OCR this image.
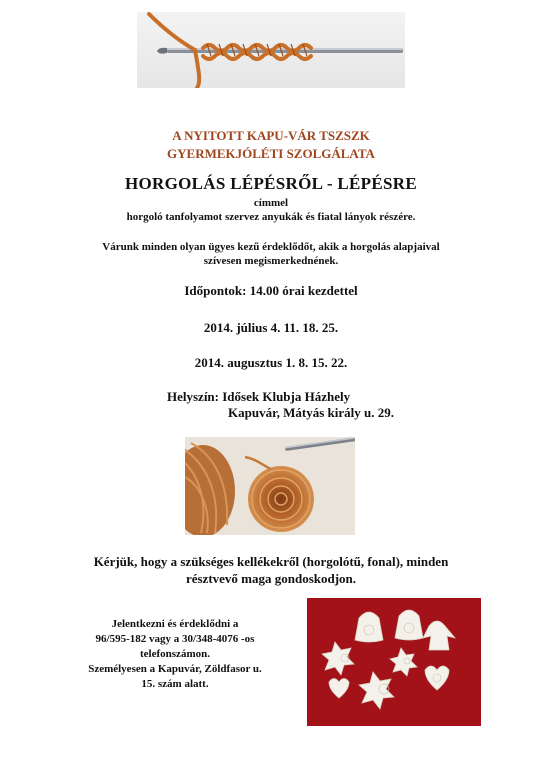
A NYITOTT KAPU-VÁR TSZSZK
GYERMEKJÓLÉTI SZOLGÁLATA
HORGOLÁS LÉPÉSRŐL - LÉPÉSRE
címmel
horgoló tanfolyamot szervez anyukák és fiatal lányok részére.
Várunk minden olyan ügyes kezű érdeklődőt, akik a horgolás alapjaival
szívesen megismerkednének.
Időpontok: 14.00 órai kezdettel
2014. július 4. 11. 18. 25.
2014. augusztus 1. 8. 15. 22.
Helyszín: Idősek Klubja Házhely
Kapuvár, Mátyás király u. 29.
Kérjük, hogy a szükséges kellékekről (horgolótű, fonal), minden
résztvevő maga gondoskodjon.
Jelentkezni és érdeklődni a
96/595-182 vagy a 30/348-4076 -os
telefonszámon.
Személyesen a Kapuvár, Zöldfasor u.
15. szám alatt.
